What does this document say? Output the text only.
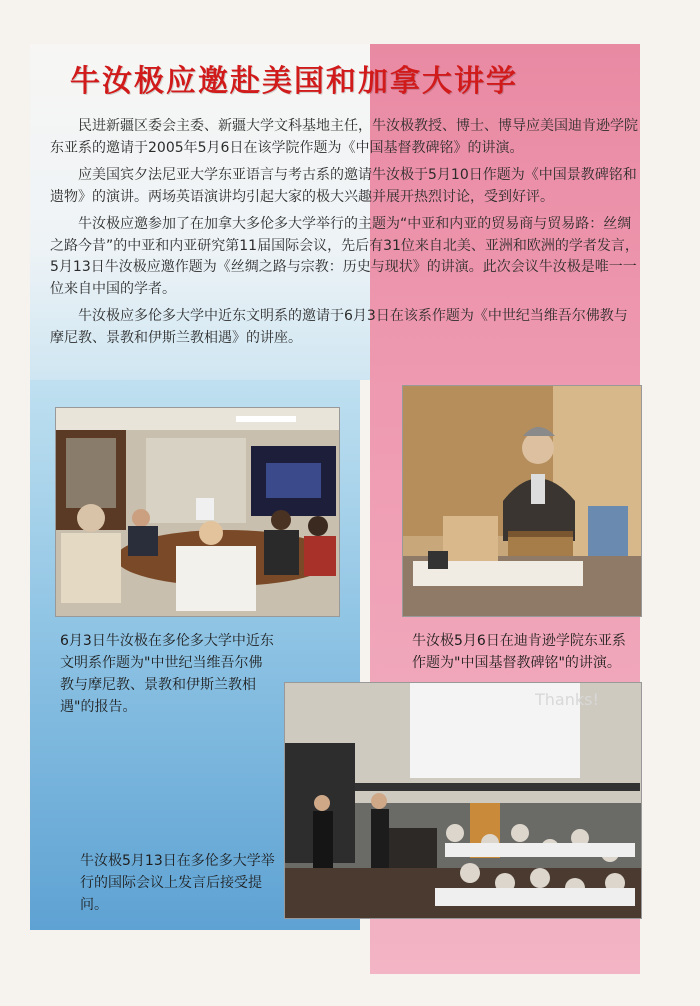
牛汝极应邀赴美国和加拿大讲学

民进新疆区委会主委、新疆大学文科基地主任，牛汝极教授、博士、博导应美国迪肯逊学院东亚系的邀请于2005年5月6日在该学院作题为《中国基督教碑铭》的讲演。

应美国宾夕法尼亚大学东亚语言与考古系的邀请牛汝极于5月10日作题为《中国景教碑铭和遗物》的演讲。两场英语演讲均引起大家的极大兴趣并展开热烈讨论，受到好评。

牛汝极应邀参加了在加拿大多伦多大学举行的主题为“中亚和内亚的贸易商与贸易路：丝绸之路今昔”的中亚和内亚研究第11届国际会议，先后有31位来自北美、亚洲和欧洲的学者发言，5月13日牛汝极应邀作题为《丝绸之路与宗教：历史与现状》的讲演。此次会议牛汝极是唯一一位来自中国的学者。

牛汝极应多伦多大学中近东文明系的邀请于6月3日在该系作题为《中世纪当维吾尔佛教与摩尼教、景教和伊斯兰教相遇》的讲座。

Thanks!
6月3日牛汝极在多伦多大学中近东文明系作题为"中世纪当维吾尔佛教与摩尼教、景教和伊斯兰教相遇"的报告。
牛汝极5月6日在迪肯逊学院东亚系作题为"中国基督教碑铭"的讲演。
牛汝极5月13日在多伦多大学举行的国际会议上发言后接受提问。
